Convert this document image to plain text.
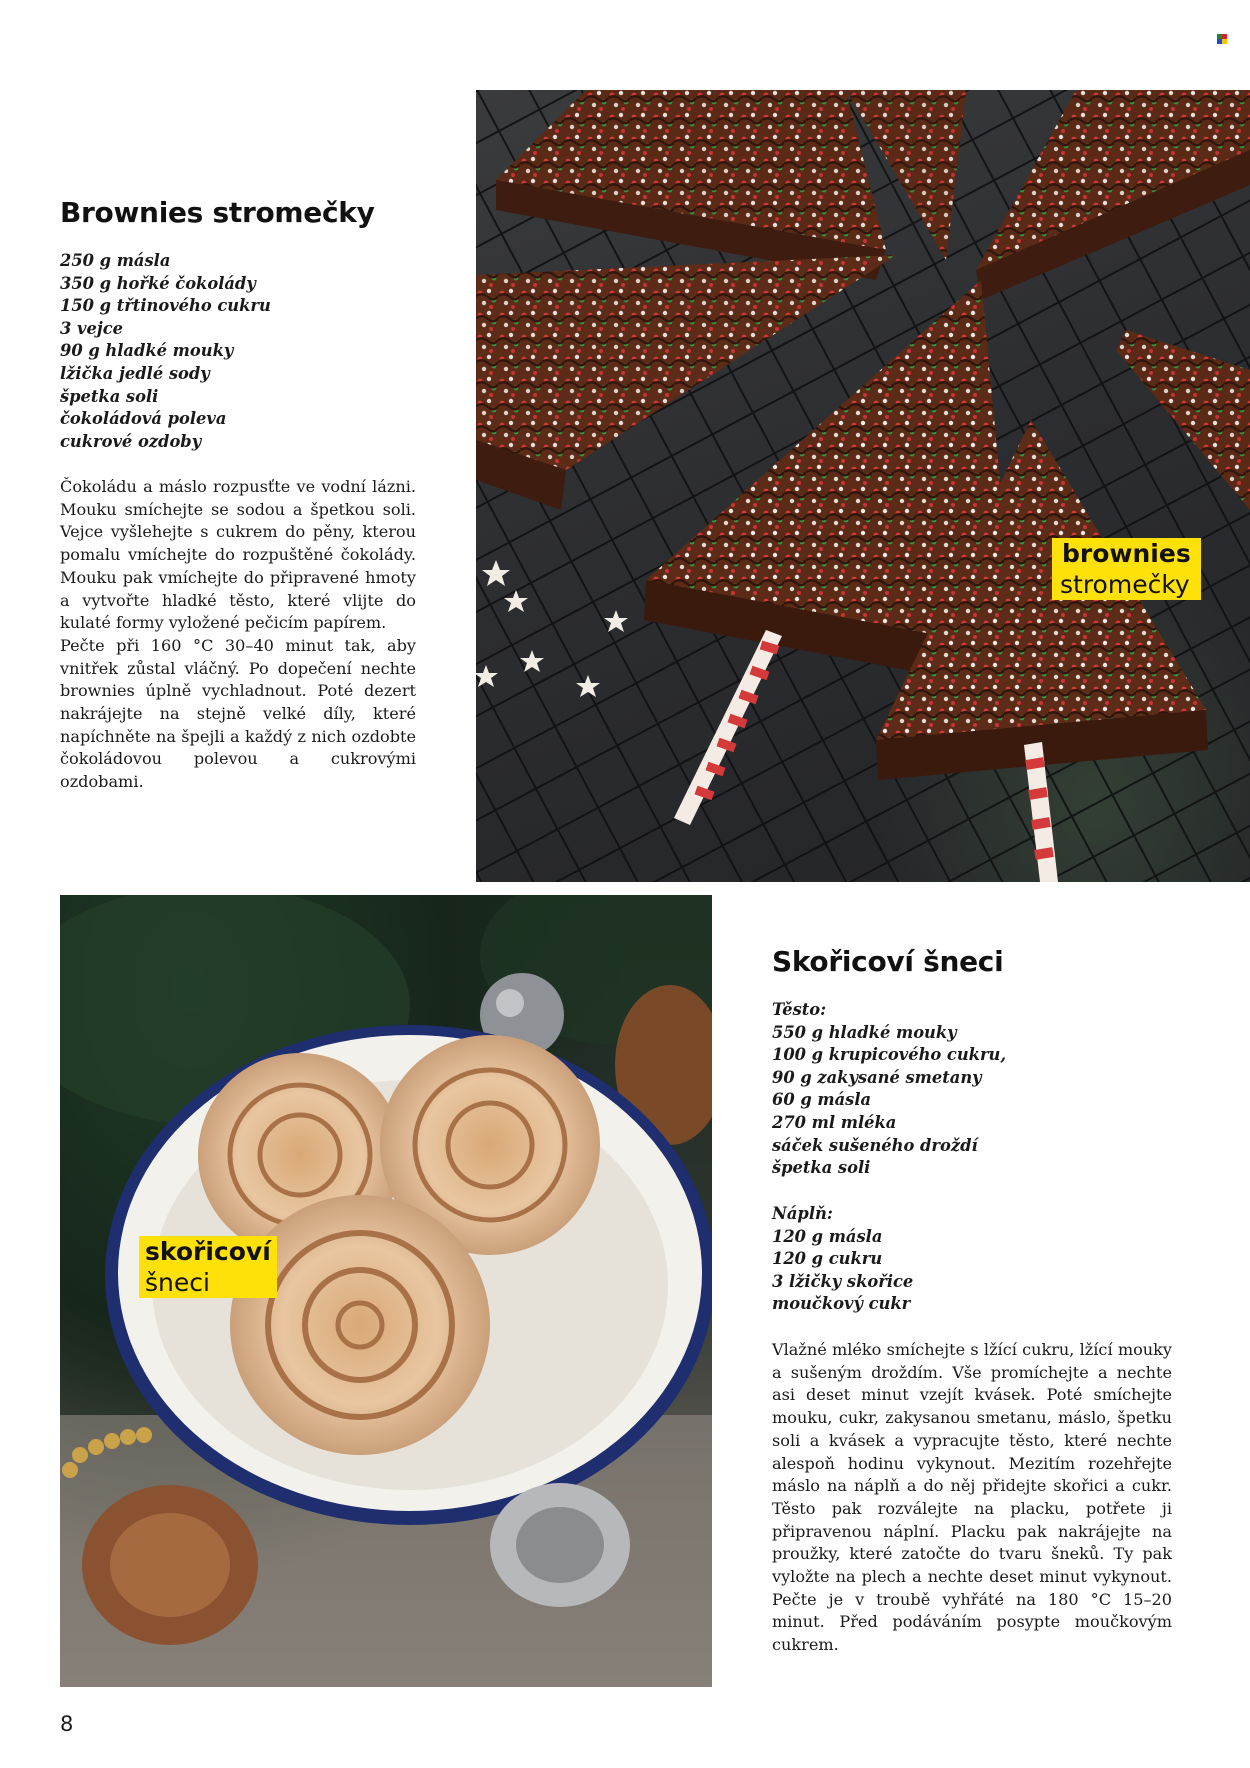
Brownies stromečky
250 g másla
350 g hořké čokolády
150 g třtinového cukru
3 vejce
90 g hladké mouky
lžička jedlé sody
špetka soli
čokoládová poleva
cukrové ozdoby

Čokoládu a máslo rozpusťte ve vodní lázni. Mouku smíchejte se sodou a špetkou soli. Vejce vyšlehejte s cukrem do pěny, kterou pomalu vmíchejte do rozpuštěné čokolády. Mouku pak vmíchejte do připravené hmoty a vytvořte hladké těsto, které vlijte do kulaté formy vyložené pečicím papírem.

Pečte při 160 °C 30–40 minut tak, aby vnitřek zůstal vláčný. Po dopečení nechte brownies úplně vychladnout. Poté dezert nakrájejte na stejně velké díly, které napíchněte na špejli a každý z nich ozdobte čokoládovou polevou a cukrovými ozdobami.

brownies
stromečky
skořicoví
šneci
Skořicoví šneci
Těsto:
550 g hladké mouky
100 g krupicového cukru,
90 g zakysané smetany
60 g másla
270 ml mléka
sáček sušeného droždí
špetka soli
Náplň:
120 g másla
120 g cukru
3 lžičky skořice
moučkový cukr

Vlažné mléko smíchejte s lžící cukru, lžící mouky a sušeným droždím. Vše promíchejte a nechte asi deset minut vzejít kvásek. Poté smíchejte mouku, cukr, zakysanou smetanu, máslo, špetku soli a kvásek a vypracujte těsto, které nechte alespoň hodinu vykynout. Mezitím rozehřejte máslo na náplň a do něj přidejte skořici a cukr. Těsto pak rozválejte na placku, potřete ji připravenou náplní. Placku pak nakrájejte na proužky, které zatočte do tvaru šneků. Ty pak vyložte na plech a nechte deset minut vykynout. Pečte je v troubě vyhřáté na 180 °C 15–20 minut. Před podáváním posypte moučkovým cukrem.

8
